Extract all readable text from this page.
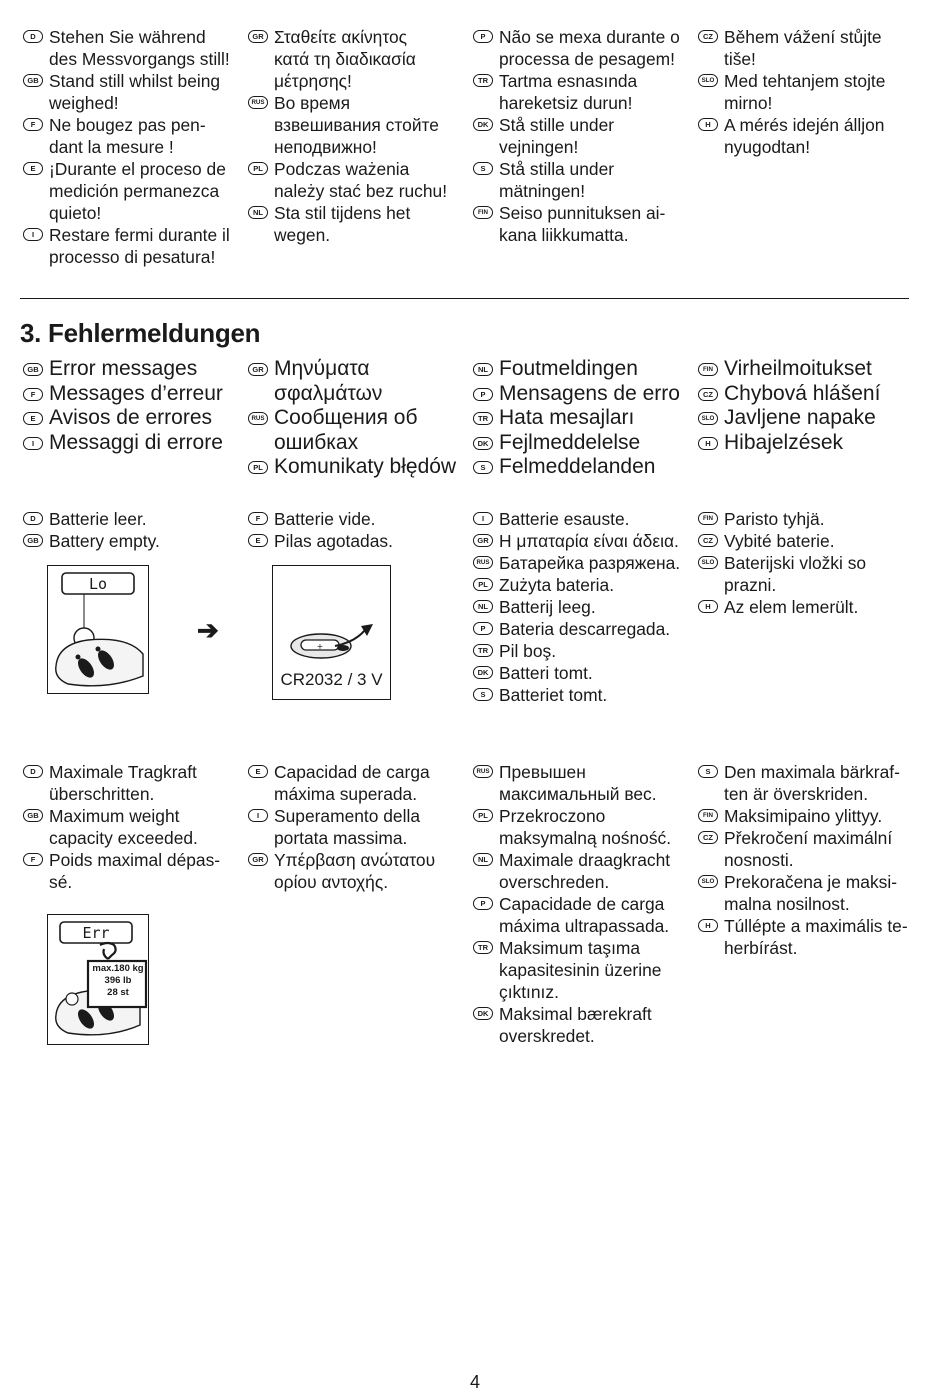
D Stehen Sie während
des Messvorgangs still!
GB Stand still whilst being
weighed!
F Ne bougez pas pen-
dant la mesure !
E ¡Durante el proceso de
medición permanezca
quieto!
I Restare fermi durante il
processo di pesatura!
GR Σταθείτε ακίνητος
κατά τη διαδικασία
μέτρησης!
RUS Во время
взвешивания стойте
неподвижно!
PL Podczas ważenia
należy stać bez ruchu!
NL Sta stil tijdens het
wegen.
P Não se mexa durante o
processa de pesagem!
TR Tartma esnasında
hareketsiz durun!
DK Stå stille under
vejningen!
S Stå stilla under
mätningen!
FIN Seiso punnituksen ai-
kana liikkumatta.
CZ Během vážení stůjte
tiše!
SLO Med tehtanjem stojte
mirno!
H A mérés idején álljon
nyugodtan!
3. Fehlermeldungen
GB Error messages
F Messages d’erreur
E Avisos de errores
I Messaggi di errore
GR Μηνύματα
σφαλμάτων
RUS Сообщения об
ошибках
PL Komunikaty błędów
NL Foutmeldingen
P Mensagens de erro
TR Hata mesajları
DK Fejlmeddelelse
S Felmeddelanden
FIN Virheilmoitukset
CZ Chybová hlášení
SLO Javljene napake
H Hibajelzések
D Batterie leer.
GB Battery empty.
F Batterie vide.
E Pilas agotadas.
I Batterie esauste.
GR Η μπαταρία είναι άδεια.
RUS Батарейка разряжена.
PL Zużyta bateria.
NL Batterij leeg.
P Bateria descarregada.
TR Pil boş.
DK Batteri tomt.
S Batteriet tomt.
FIN Paristo tyhjä.
CZ Vybité baterie.
SLO Baterijski vložki so
prazni.
H Az elem lemerült.
Lo
➔
+
CR2032 / 3 V
D Maximale Tragkraft
überschritten.
GB Maximum weight
capacity exceeded.
F Poids maximal dépas-
sé.
E Capacidad de carga
máxima superada.
I Superamento della
portata massima.
GR Υπέρβαση ανώτατου
ορίου αντοχής.
RUS Превышен
максимальный вес.
PL Przekroczono
maksymalną nośność.
NL Maximale draagkracht
overschreden.
P Capacidade de carga
máxima ultrapassada.
TR Maksimum taşıma
kapasitesinin üzerine
çıktınız.
DK Maksimal bærekraft
overskredet.
S Den maximala bärkraf-
ten är överskriden.
FIN Maksimipaino ylittyy.
CZ Překročení maximální
nosnosti.
SLO Prekoračena je maksi-
malna nosilnost.
H Túllépte a maximális te-
herbírást.
Err
max.180 kg
396 lb
28 st
4
